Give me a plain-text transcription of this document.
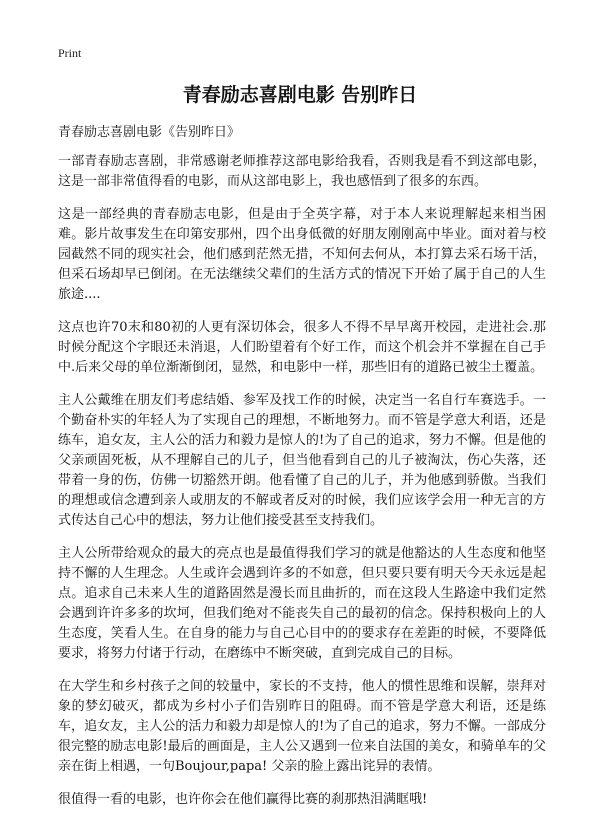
Print
青春励志喜剧电影 告别昨日

青春励志喜剧电影《告别昨日》

一部青春励志喜剧，非常感谢老师推荐这部电影给我看，否则我是看不到这部电影，这是一部非常值得看的电影，而从这部电影上，我也感悟到了很多的东西。

这是一部经典的青春励志电影，但是由于全英字幕，对于本人来说理解起来相当困难。影片故事发生在印第安那州，四个出身低微的好朋友刚刚高中毕业。面对着与校园截然不同的现实社会，他们感到茫然无措，不知何去何从，本打算去采石场干活，但采石场却早已倒闭。在无法继续父辈们的生活方式的情况下开始了属于自己的人生旅途....

这点也许70末和80初的人更有深切体会，很多人不得不早早离开校园，走进社会.那时候分配这个字眼还未消退，人们盼望着有个好工作，而这个机会并不掌握在自己手中.后来父母的单位渐渐倒闭，显然，和电影中一样，那些旧有的道路已被尘土覆盖。

主人公戴维在朋友们考虑结婚、参军及找工作的时候，决定当一名自行车赛选手。一个勤奋朴实的年轻人为了实现自己的理想，不断地努力。而不管是学意大利语，还是练车，追女友，主人公的活力和毅力是惊人的!为了自己的追求，努力不懈。但是他的父亲顽固死板，从不理解自己的儿子，但当他看到自己的儿子被淘汰，伤心失落，还带着一身的伤，仿佛一切豁然开朗。他看懂了自己的儿子，并为他感到骄傲。当我们的理想或信念遭到亲人或朋友的不解或者反对的时候，我们应该学会用一种无言的方式传达自己心中的想法，努力让他们接受甚至支持我们。

主人公所带给观众的最大的亮点也是最值得我们学习的就是他豁达的人生态度和他坚持不懈的人生理念。人生或许会遇到许多的不如意，但只要只要有明天今天永远是起点。追求自己未来人生的道路固然是漫长而且曲折的，而在这段人生路途中我们定然会遇到许许多多的坎坷，但我们绝对不能丧失自己的最初的信念。保持积极向上的人生态度，笑看人生。在自身的能力与自己心目中的的要求存在差距的时候，不要降低要求，将努力付诸于行动，在磨练中不断突破，直到完成自己的目标。

在大学生和乡村孩子之间的较量中，家长的不支持，他人的惯性思维和误解，崇拜对象的梦幻破灭，都成为乡村小子们告别昨日的阻碍。而不管是学意大利语，还是练车，追女友，主人公的活力和毅力却是惊人的!为了自己的追求，努力不懈。一部成分很完整的励志电影!最后的画面是，主人公又遇到一位来自法国的美女，和骑单车的父亲在街上相遇，一句Boujour,papa! 父亲的脸上露出诧异的表情。

很值得一看的电影，也许你会在他们赢得比赛的刹那热泪满眶哦!
